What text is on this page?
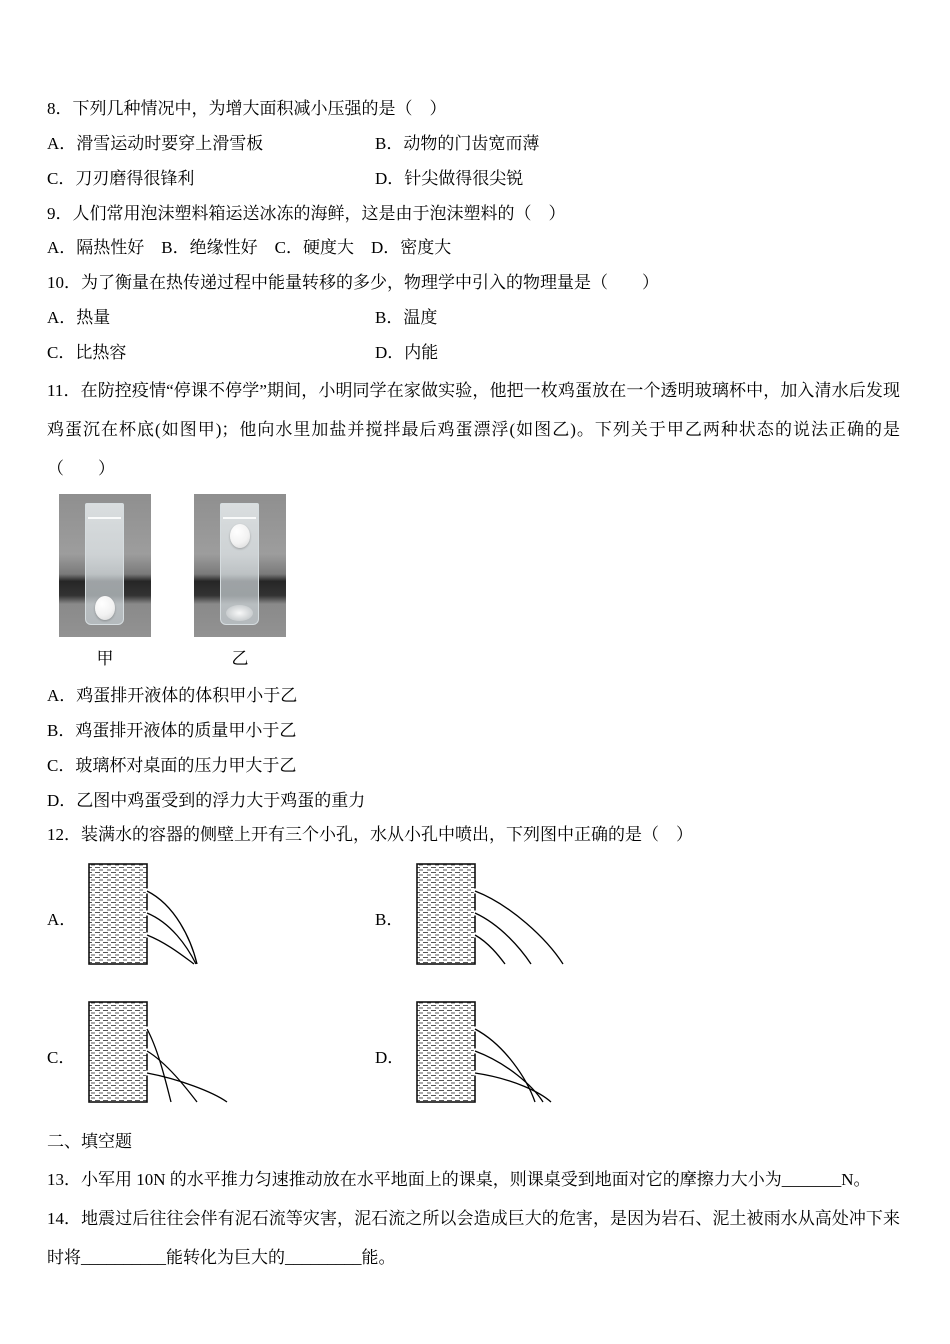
8．下列几种情况中，为增大面积减小压强的是（　）

A．滑雪运动时要穿上滑雪板	B．动物的门齿宽而薄
C．刀刃磨得很锋利	D．针尖做得很尖锐

9．人们常用泡沫塑料箱运送冰冻的海鲜，这是由于泡沫塑料的（　）

A．隔热性好　B．绝缘性好　C．硬度大　D．密度大

10．为了衡量在热传递过程中能量转移的多少，物理学中引入的物理量是（　　）

A．热量	B．温度
C．比热容	D．内能

11．在防控疫情“停课不停学”期间，小明同学在家做实验，他把一枚鸡蛋放在一个透明玻璃杯中，加入清水后发现鸡蛋沉在杯底(如图甲)；他向水里加盐并搅拌最后鸡蛋漂浮(如图乙)。下列关于甲乙两种状态的说法正确的是（　　）

甲	乙

A．鸡蛋排开液体的体积甲小于乙

B．鸡蛋排开液体的质量甲小于乙

C．玻璃杯对桌面的压力甲大于乙

D．乙图中鸡蛋受到的浮力大于鸡蛋的重力

12．装满水的容器的侧壁上开有三个小孔，水从小孔中喷出，下列图中正确的是（　）

A．	B．
C．	D．

二、填空题

13．小军用 10N 的水平推力匀速推动放在水平地面上的课桌，则课桌受到地面对它的摩擦力大小为_______N。

14．地震过后往往会伴有泥石流等灾害，泥石流之所以会造成巨大的危害，是因为岩石、泥土被雨水从高处冲下来时将__________能转化为巨大的_________能。
